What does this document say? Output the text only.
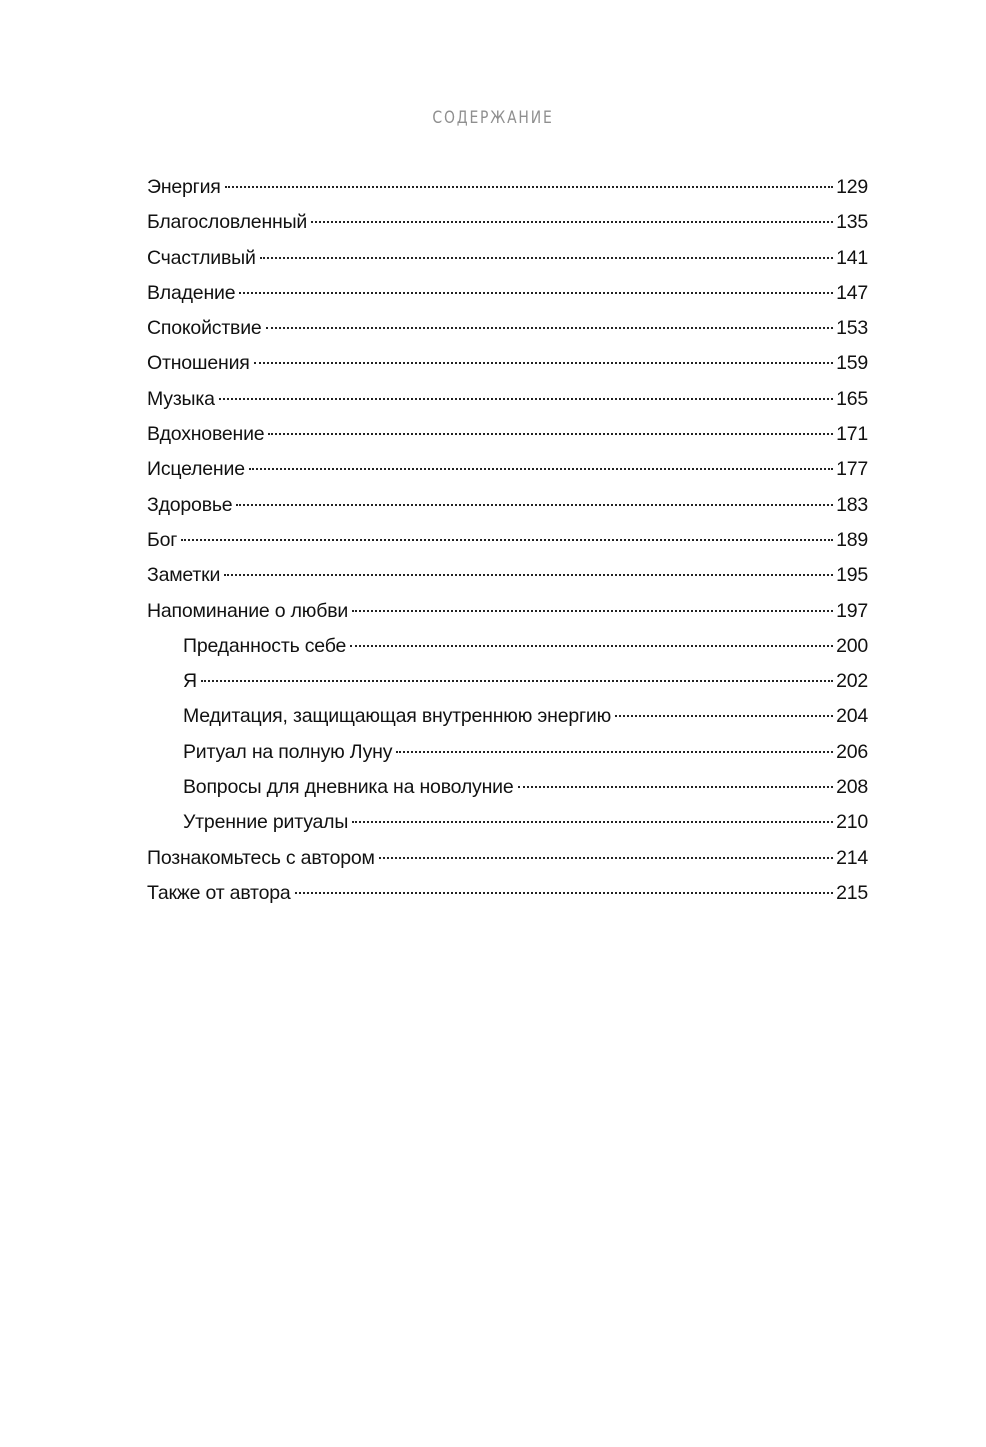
СОДЕРЖАНИЕ
Энергия	129
Благословленный	135
Счастливый	141
Владение	147
Спокойствие	153
Отношения	159
Музыка	165
Вдохновение	171
Исцеление	177
Здоровье	183
Бог	189
Заметки	195
Напоминание о любви	197
Преданность себе	200
Я	202
Медитация, защищающая внутреннюю энергию	204
Ритуал на полную Луну	206
Вопросы для дневника на новолуние	208
Утренние ритуалы	210
Познакомьтесь с автором	214
Также от автора	215
